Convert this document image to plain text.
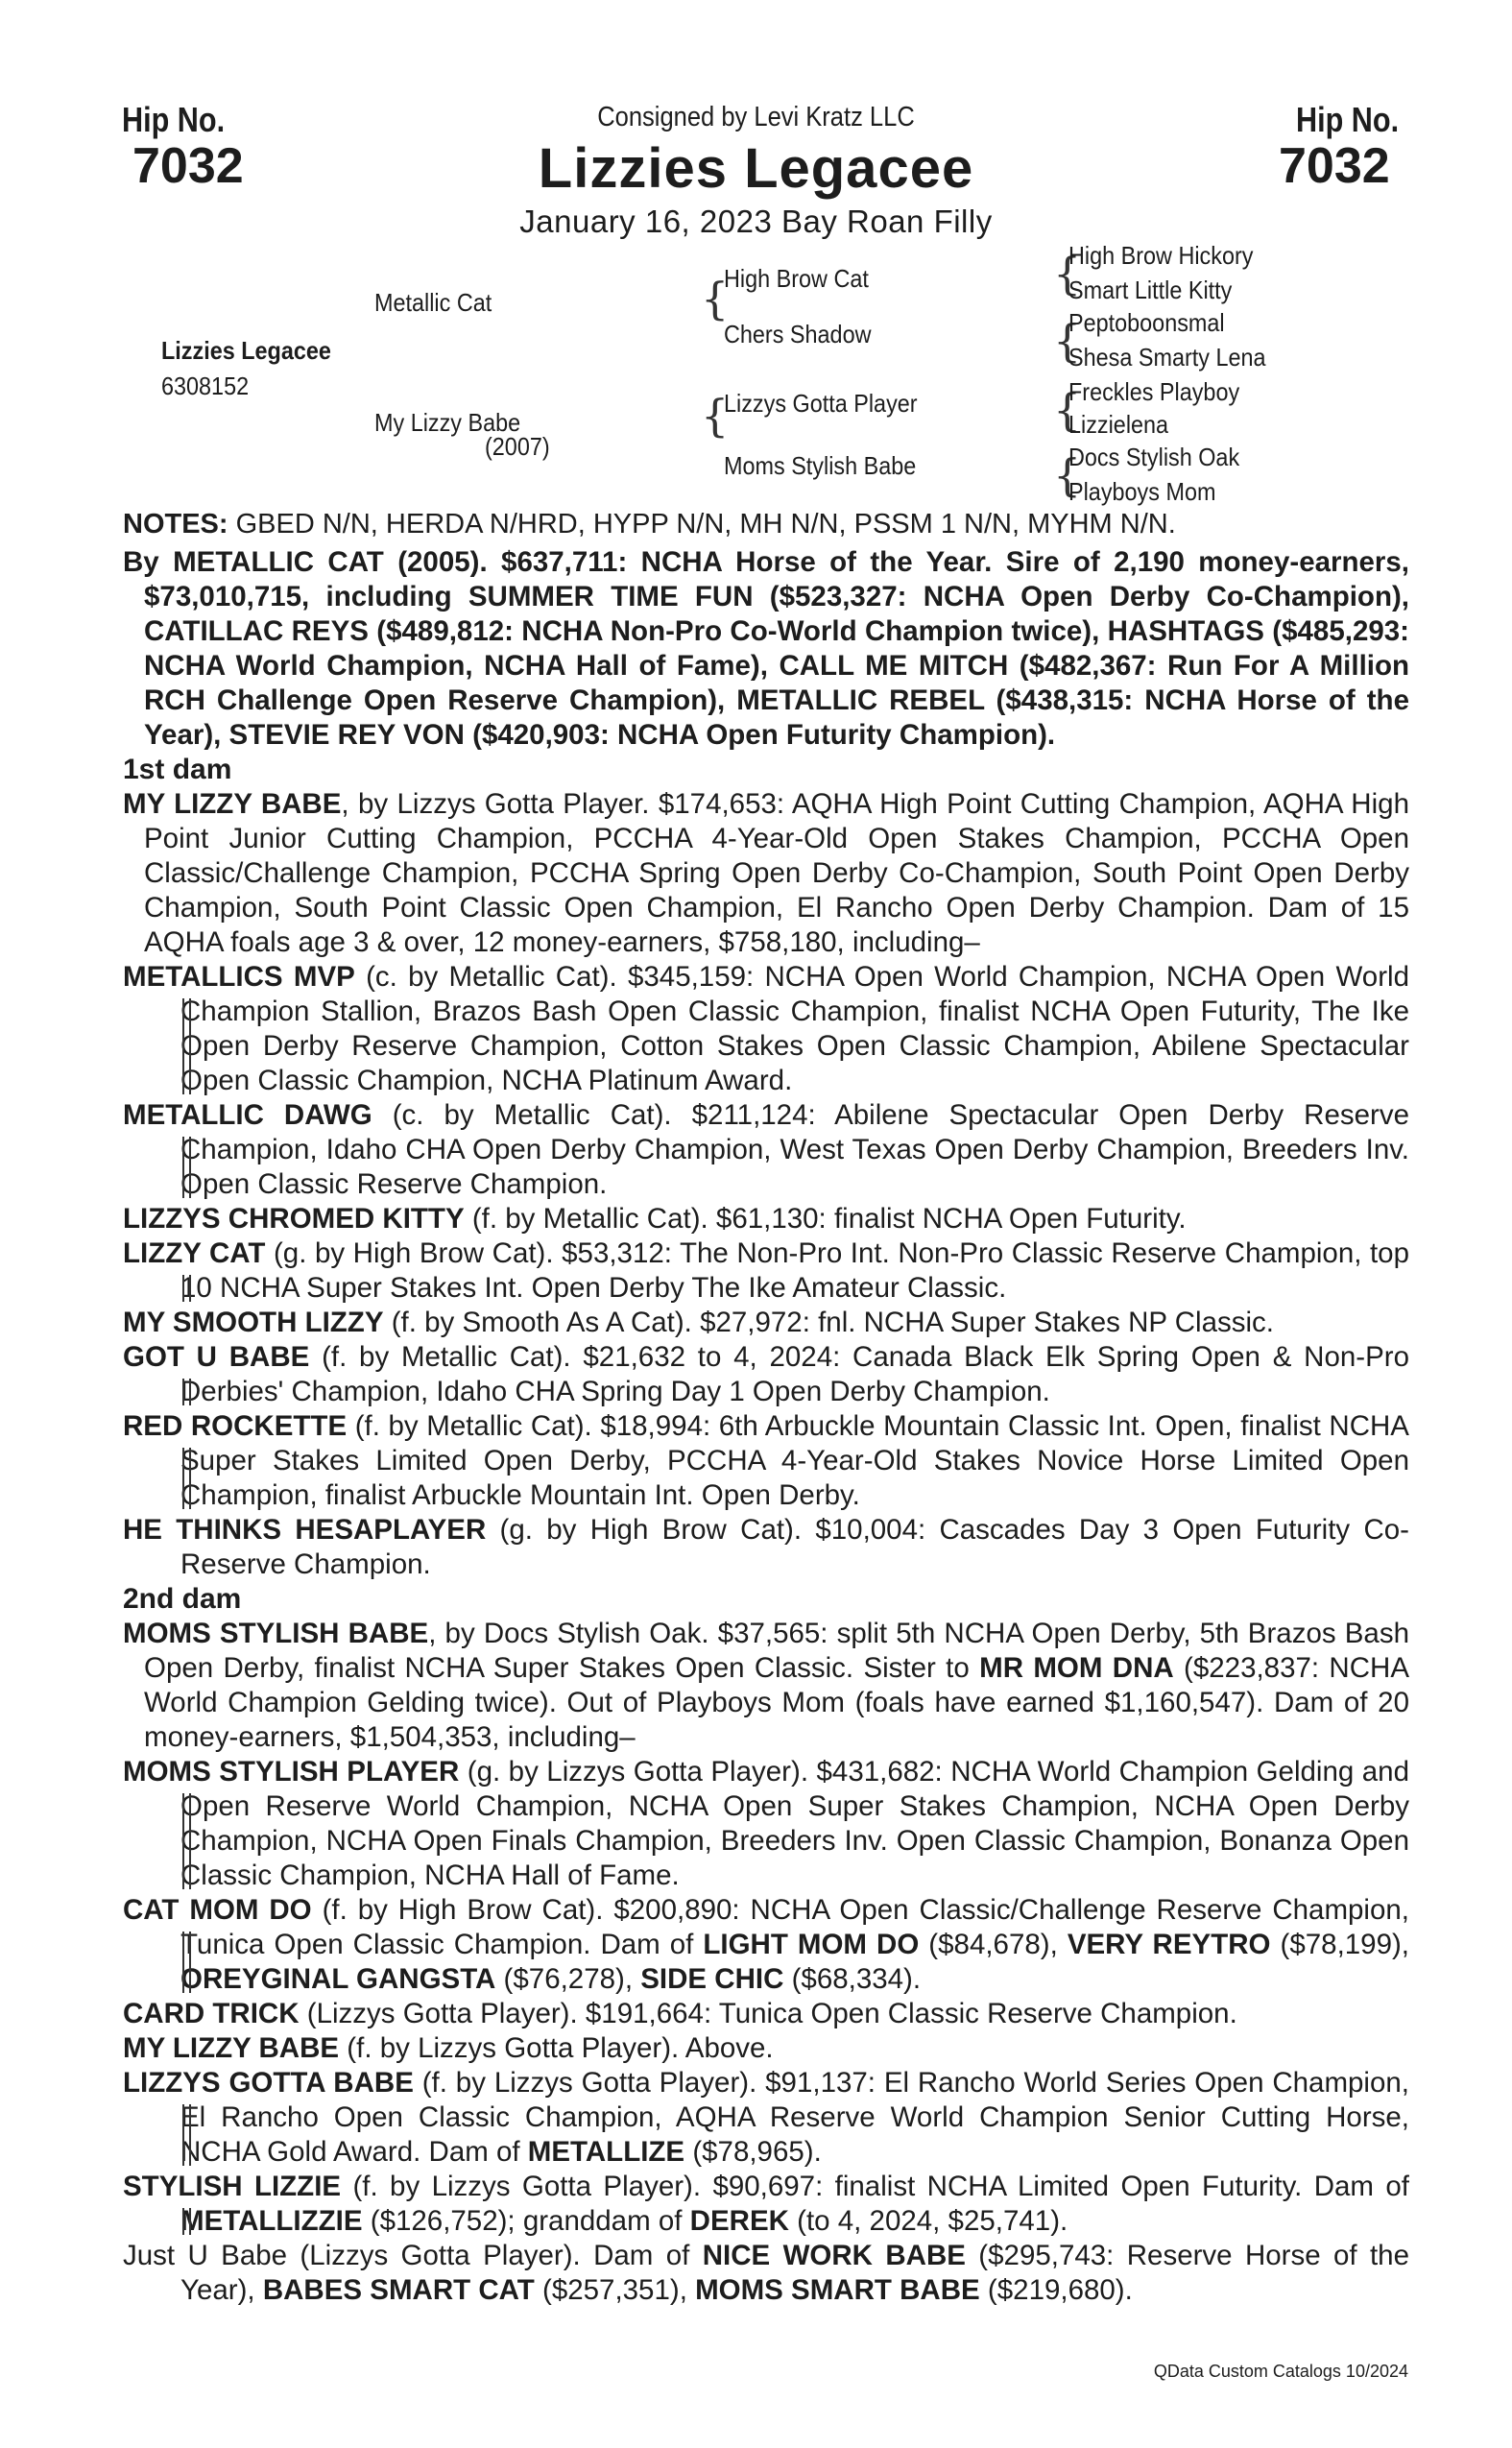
Hip No.
7032
Hip No.
7032
Consigned by Levi Kratz LLC
Lizzies Legacee
January 16, 2023 Bay Roan Filly
Lizzies Legacee
6308152
Metallic Cat
My Lizzy Babe
(2007)
{
High Brow Cat
Chers Shadow
{
Lizzys Gotta Player
Moms Stylish Babe
{
High Brow Hickory
Smart Little Kitty
{
Peptoboonsmal
Shesa Smarty Lena
{
Freckles Playboy
Lizzielena
{
Docs Stylish Oak
Playboys Mom

NOTES: GBED N/N, HERDA N/HRD, HYPP N/N, MH N/N, PSSM 1 N/N, MYHM N/N.

By METALLIC CAT (2005). $637,711: NCHA Horse of the Year. Sire of 2,190 money-earners, $73,010,715, including SUMMER TIME FUN ($523,327: NCHA Open Derby Co-Champion), CATILLAC REYS ($489,812: NCHA Non-Pro Co-World Champion twice), HASHTAGS ($485,293: NCHA World Champion, NCHA Hall of Fame), CALL ME MITCH ($482,367: Run For A Million RCH Challenge Open Reserve Champion), METALLIC REBEL ($438,315: NCHA Horse of the Year), STEVIE REY VON ($420,903: NCHA Open Futurity Champion).

1st dam

MY LIZZY BABE, by Lizzys Gotta Player. $174,653: AQHA High Point Cutting Champion, AQHA High Point Junior Cutting Champion, PCCHA 4-Year-Old Open Stakes Champion, PCCHA Open Classic/Challenge Champion, PCCHA Spring Open Derby Co-Champion, South Point Open Derby Champion, South Point Classic Open Champion, El Rancho Open Derby Champion. Dam of 15 AQHA foals age 3 & over, 12 money-earners, $758,180, including–

METALLICS MVP (c. by Metallic Cat). $345,159: NCHA Open World Champion, NCHA Open World Champion Stallion, Brazos Bash Open Classic Champion, finalist NCHA Open Futurity, The Ike Open Derby Reserve Champion, Cotton Stakes Open Classic Champion, Abilene Spectacular Open Classic Champion, NCHA Platinum Award.

METALLIC DAWG (c. by Metallic Cat). $211,124: Abilene Spectacular Open Derby Reserve Champion, Idaho CHA Open Derby Champion, West Texas Open Derby Champion, Breeders Inv. Open Classic Reserve Champion.

LIZZYS CHROMED KITTY (f. by Metallic Cat). $61,130: finalist NCHA Open Futurity.

LIZZY CAT (g. by High Brow Cat). $53,312: The Non-Pro Int. Non-Pro Classic Reserve Champion, top 10 NCHA Super Stakes Int. Open Derby The Ike Amateur Classic.

MY SMOOTH LIZZY (f. by Smooth As A Cat). $27,972: fnl. NCHA Super Stakes NP Classic.

GOT U BABE (f. by Metallic Cat). $21,632 to 4, 2024: Canada Black Elk Spring Open & Non-Pro Derbies' Champion, Idaho CHA Spring Day 1 Open Derby Champion.

RED ROCKETTE (f. by Metallic Cat). $18,994: 6th Arbuckle Mountain Classic Int. Open, finalist NCHA Super Stakes Limited Open Derby, PCCHA 4-Year-Old Stakes Novice Horse Limited Open Champion, finalist Arbuckle Mountain Int. Open Derby.

HE THINKS HESAPLAYER (g. by High Brow Cat). $10,004: Cascades Day 3 Open Futurity Co-Reserve Champion.

2nd dam

MOMS STYLISH BABE, by Docs Stylish Oak. $37,565: split 5th NCHA Open Derby, 5th Brazos Bash Open Derby, finalist NCHA Super Stakes Open Classic. Sister to MR MOM DNA ($223,837: NCHA World Champion Gelding twice). Out of Playboys Mom (foals have earned $1,160,547). Dam of 20 money-earners, $1,504,353, including–

MOMS STYLISH PLAYER (g. by Lizzys Gotta Player). $431,682: NCHA World Champion Gelding and Open Reserve World Champion, NCHA Open Super Stakes Champion, NCHA Open Derby Champion, NCHA Open Finals Champion, Breeders Inv. Open Classic Champion, Bonanza Open Classic Champion, NCHA Hall of Fame.

CAT MOM DO (f. by High Brow Cat). $200,890: NCHA Open Classic/Challenge Reserve Champion, Tunica Open Classic Champion. Dam of LIGHT MOM DO ($84,678), VERY REYTRO ($78,199), OREYGINAL GANGSTA ($76,278), SIDE CHIC ($68,334).

CARD TRICK (Lizzys Gotta Player). $191,664: Tunica Open Classic Reserve Champion.

MY LIZZY BABE (f. by Lizzys Gotta Player). Above.

LIZZYS GOTTA BABE (f. by Lizzys Gotta Player). $91,137: El Rancho World Series Open Champion, El Rancho Open Classic Champion, AQHA Reserve World Champion Senior Cutting Horse, NCHA Gold Award. Dam of METALLIZE ($78,965).

STYLISH LIZZIE (f. by Lizzys Gotta Player). $90,697: finalist NCHA Limited Open Futurity. Dam of METALLIZZIE ($126,752); granddam of DEREK (to 4, 2024, $25,741).

Just U Babe (Lizzys Gotta Player). Dam of NICE WORK BABE ($295,743: Reserve Horse of the Year), BABES SMART CAT ($257,351), MOMS SMART BABE ($219,680).

QData Custom Catalogs 10/2024
